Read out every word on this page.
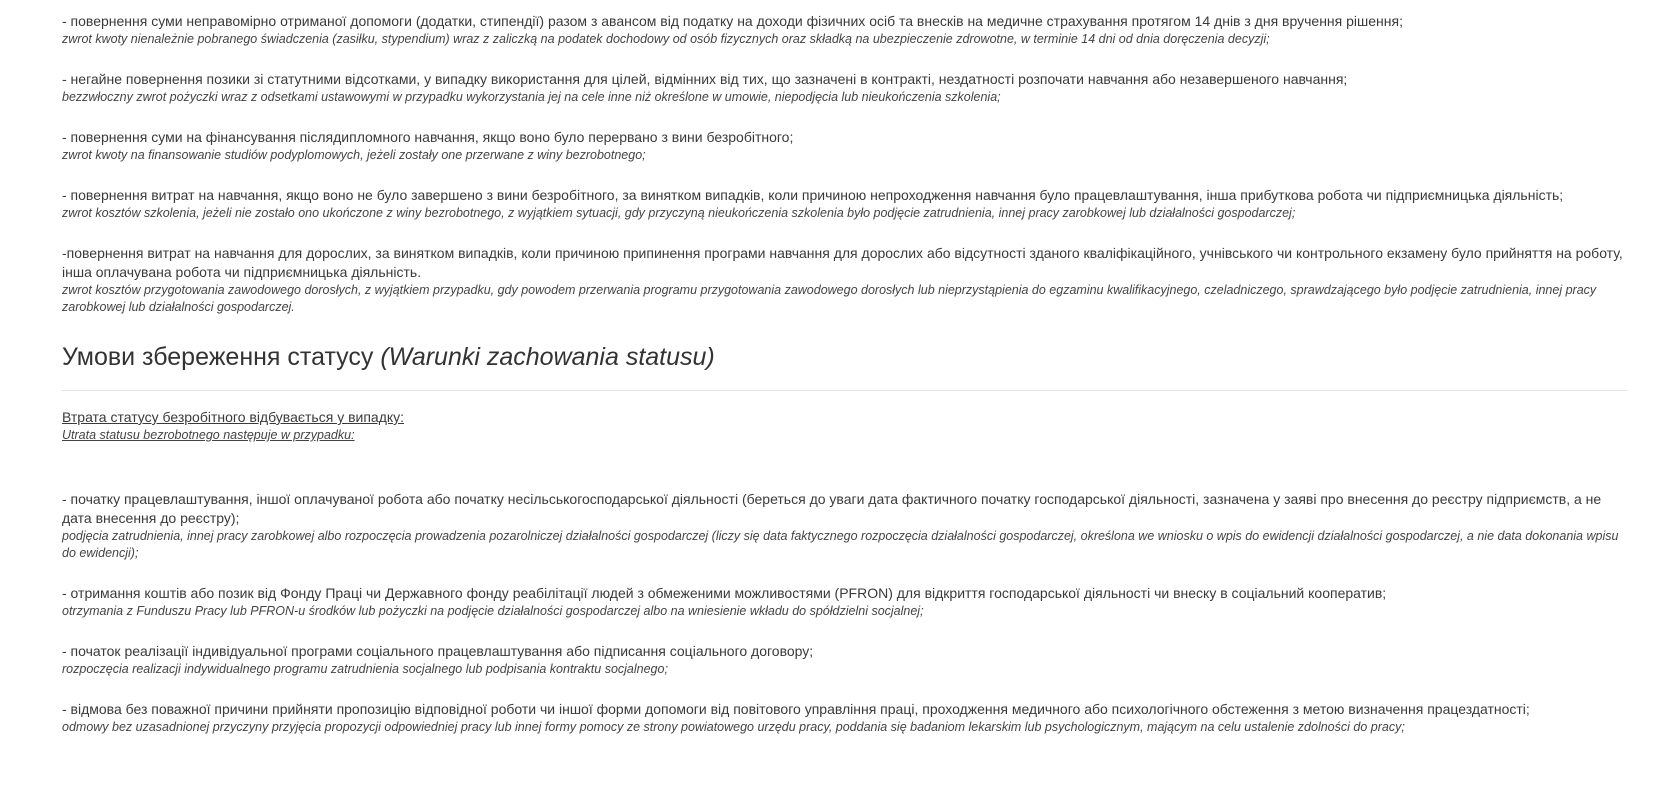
- повернення суми неправомірно отриманої допомоги (додатки, стипендії) разом з авансом від податку на доходи фізичних осіб та внесків на медичне страхування протягом 14 днів з дня вручення рішення;
zwrot kwoty nienależnie pobranego świadczenia (zasiłku, stypendium) wraz z zaliczką na podatek dochodowy od osób fizycznych oraz składką na ubezpieczenie zdrowotne, w terminie 14 dni od dnia doręczenia decyzji;
- негайне повернення позики зі статутними відсотками, у випадку використання для цілей, відмінних від тих, що зазначені в контракті, нездатності розпочати навчання або незавершеного навчання;
bezzwłoczny zwrot pożyczki wraz z odsetkami ustawowymi w przypadku wykorzystania jej na cele inne niż określone w umowie, niepodjęcia lub nieukończenia szkolenia;
- повернення суми на фінансування післядипломного навчання, якщо воно було перервано з вини безробітного;
zwrot kwoty na finansowanie studiów podyplomowych, jeżeli zostały one przerwane z winy bezrobotnego;
- повернення витрат на навчання, якщо воно не було завершено з вини безробітного, за винятком випадків, коли причиною непроходження навчання було працевлаштування, інша прибуткова робота чи підприємницька діяльність;
zwrot kosztów szkolenia, jeżeli nie zostało ono ukończone z winy bezrobotnego, z wyjątkiem sytuacji, gdy przyczyną nieukończenia szkolenia było podjęcie zatrudnienia, innej pracy zarobkowej lub działalności gospodarczej;
-повернення витрат на навчання для дорослих, за винятком випадків, коли причиною припинення програми навчання для дорослих або відсутності зданого кваліфікаційного, учнівського чи контрольного екзамену було прийняття на роботу, інша оплачувана робота чи підприємницька діяльність.
zwrot kosztów przygotowania zawodowego dorosłych, z wyjątkiem przypadku, gdy powodem przerwania programu przygotowania zawodowego dorosłych lub nieprzystąpienia do egzaminu kwalifikacyjnego, czeladniczego, sprawdzającego było podjęcie zatrudnienia, innej pracy zarobkowej lub działalności gospodarczej.
Умови збереження статусу (Warunki zachowania statusu)
Втрата статусу безробітного відбувається у випадку:
Utrata statusu bezrobotnego następuje w przypadku:
- початку працевлаштування, іншої оплачуваної робота або початку несільськогосподарської діяльності (береться до уваги дата фактичного початку господарської діяльності, зазначена у заяві про внесення до реєстру підприємств, а не дата внесення до реєстру);
podjęcia zatrudnienia, innej pracy zarobkowej albo rozpoczęcia prowadzenia pozarolniczej działalności gospodarczej (liczy się data faktycznego rozpoczęcia działalności gospodarczej, określona we wniosku o wpis do ewidencji działalności gospodarczej, a nie data dokonania wpisu do ewidencji);
- отримання коштів або позик від Фонду Праці чи Державного фонду реабілітації людей з обмеженими можливостями (PFRON) для відкриття господарської діяльності чи внеску в соціальний кооператив;
otrzymania z Funduszu Pracy lub PFRON-u środków lub pożyczki na podjęcie działalności gospodarczej albo na wniesienie wkładu do spółdzielni socjalnej;
- початок реалізації індивідуальної програми соціального працевлаштування або підписання соціального договору;
rozpoczęcia realizacji indywidualnego programu zatrudnienia socjalnego lub podpisania kontraktu socjalnego;
- відмова без поважної причини прийняти пропозицію відповідної роботи чи іншої форми допомоги від повітового управління праці, проходження медичного або психологічного обстеження з метою визначення працездатності;
odmowy bez uzasadnionej przyczyny przyjęcia propozycji odpowiedniej pracy lub innej formy pomocy ze strony powiatowego urzędu pracy, poddania się badaniom lekarskim lub psychologicznym, mającym na celu ustalenie zdolności do pracy;
